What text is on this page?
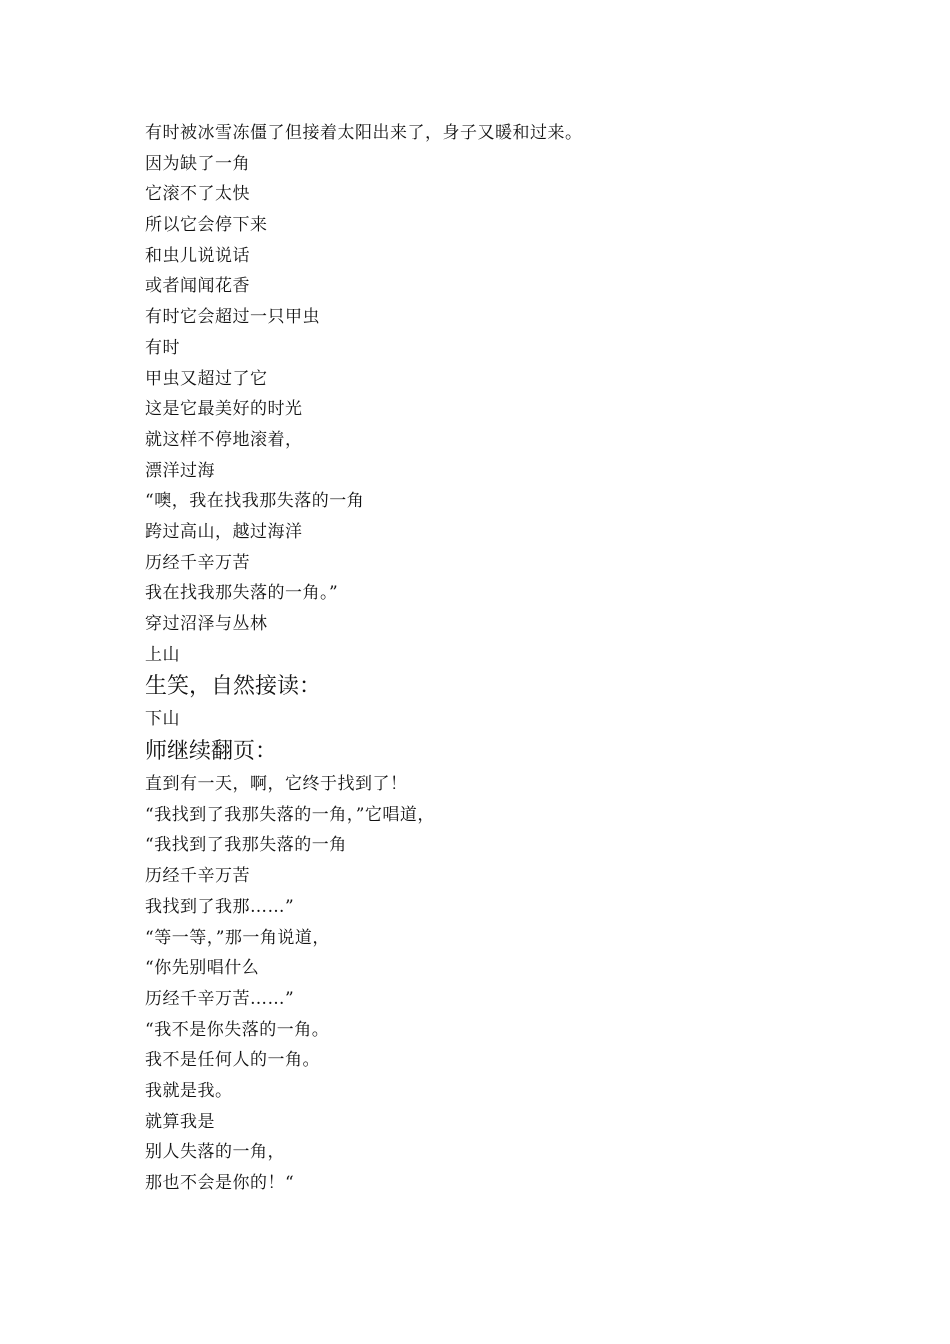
有时被冰雪冻僵了但接着太阳出来了，身子又暖和过来。
因为缺了一角
它滚不了太快
所以它会停下来
和虫儿说说话
或者闻闻花香
有时它会超过一只甲虫
有时
甲虫又超过了它
这是它最美好的时光
就这样不停地滚着，
漂洋过海
“噢，我在找我那失落的一角
跨过高山，越过海洋
历经千辛万苦
我在找我那失落的一角。”
穿过沼泽与丛林
上山
生笑，自然接读：
下山
师继续翻页：
直到有一天，啊，它终于找到了！
“我找到了我那失落的一角，”它唱道，
“我找到了我那失落的一角
历经千辛万苦
我找到了我那……”
“等一等，”那一角说道，
“你先别唱什么
历经千辛万苦……”
“我不是你失落的一角。
我不是任何人的一角。
我就是我。
就算我是
别人失落的一角，
那也不会是你的！“
